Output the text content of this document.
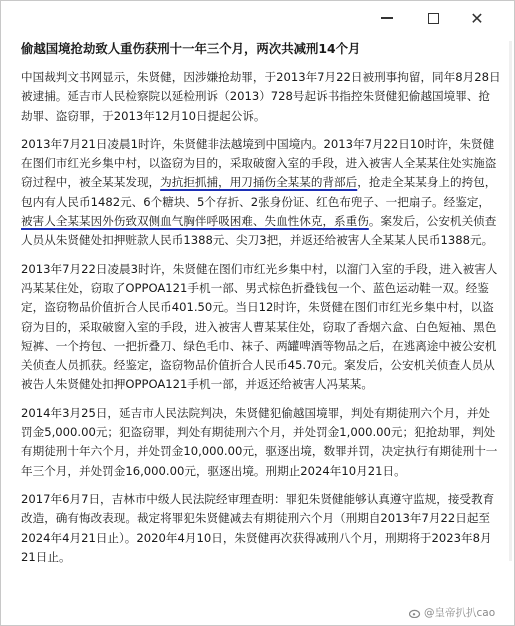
✕
偷越国境抢劫致人重伤获刑十一年三个月，两次共减刑14个月

中国裁判文书网显示，朱贤健，因涉嫌抢劫罪，于2013年7月22日被刑事拘留，同年8月28日被逮捕。延吉市人民检察院以延检刑诉（2013）728号起诉书指控朱贤健犯偷越国境罪、抢劫罪、盗窃罪，于2013年12月10日提起公诉。

2013年7月21日凌晨1时许，朱贤健非法越境到中国境内。2013年7月22日10时许，朱贤健在图们市红光乡集中村，以盗窃为目的，采取破窗入室的手段，进入被害人全某某住处实施盗窃过程中，被全某某发现，为抗拒抓捕，用刀捅伤全某某的背部后，抢走全某某身上的挎包，包内有人民币1482元、6个糖块、5个存折、2张身份证、红色布兜子、一把扇子。经鉴定，被害人全某某因外伤致双侧血气胸伴呼吸困难、失血性休克，系重伤。案发后，公安机关侦查人员从朱贤健处扣押赃款人民币1388元、尖刀3把，并返还给被害人全某某人民币1388元。

2013年7月22日凌晨3时许，朱贤健在图们市红光乡集中村，以溜门入室的手段，进入被害人冯某某住处，窃取了OPPOA121手机一部、男式棕色折叠钱包一个、蓝色运动鞋一双。经鉴定，盗窃物品价值折合人民币401.50元。当日12时许，朱贤健在图们市红光乡集中村，以盗窃为目的，采取破窗入室的手段，进入被害人曹某某住处，窃取了香烟六盒、白色短袖、黑色短裤、一个挎包、一把折叠刀、绿色毛巾、袜子、两罐啤酒等物品之后，在逃离途中被公安机关侦查人员抓获。经鉴定，盗窃物品价值折合人民币45.70元。案发后，公安机关侦查人员从被告人朱贤健处扣押OPPOA121手机一部，并返还给被害人冯某某。

2014年3月25日，延吉市人民法院判决，朱贤健犯偷越国境罪，判处有期徒刑六个月，并处罚金5,000.00元；犯盗窃罪，判处有期徒刑六个月，并处罚金1,000.00元；犯抢劫罪，判处有期徒刑十年六个月，并处罚金10,000.00元，驱逐出境，数罪并罚，决定执行有期徒刑十一年三个月，并处罚金16,000.00元，驱逐出境。刑期止2024年10月21日。

2017年6月7日，吉林市中级人民法院经审理查明：罪犯朱贤健能够认真遵守监规，接受教育改造，确有悔改表现。裁定将罪犯朱贤健减去有期徒刑六个月（刑期自2013年7月22日起至2024年4月21日止）。2020年4月10日，朱贤健再次获得减刑八个月，刑期将于2023年8月21日止。

@皇帝扒扒cao
